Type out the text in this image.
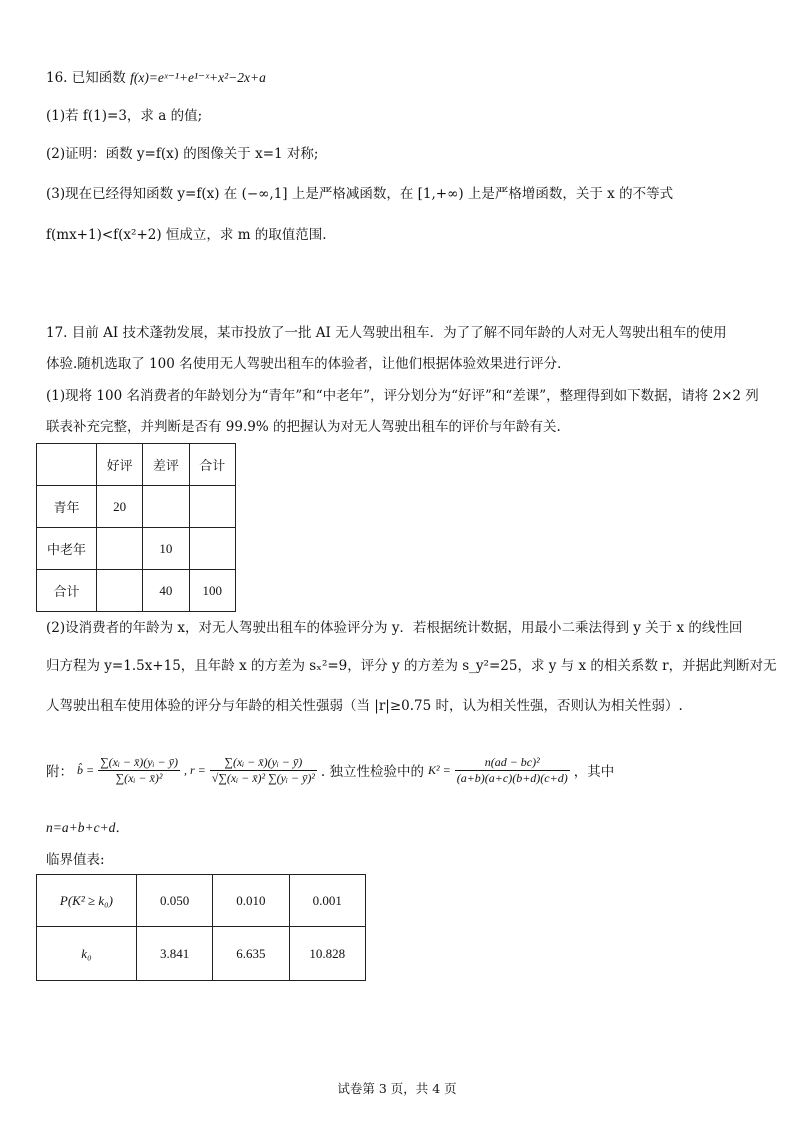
16. 已知函数 f(x)=eˣ⁻¹+e¹⁻ˣ+x²−2x+a
(1)若 f(1)=3，求 a 的值;
(2)证明：函数 y=f(x) 的图像关于 x=1 对称;
(3)现在已经得知函数 y=f(x) 在 (−∞,1] 上是严格减函数，在 [1,+∞) 上是严格增函数，关于 x 的不等式
f(mx+1)<f(x²+2) 恒成立，求 m 的取值范围.
17. 目前 AI 技术蓬勃发展，某市投放了一批 AI 无人驾驶出租车．为了了解不同年龄的人对无人驾驶出租车的使用
体验.随机选取了 100 名使用无人驾驶出租车的体验者，让他们根据体验效果进行评分．
(1)现将 100 名消费者的年龄划分为“青年”和“中老年”，评分划分为“好评”和“差课”，整理得到如下数据，请将 2×2 列
联表补充完整，并判断是否有 99.9% 的把握认为对无人驾驶出租车的评价与年龄有关.
	好评	差评	合计
青年	20		
中老年		10	
合计		40	100
(2)设消费者的年龄为 x，对无人驾驶出租车的体验评分为 y．若根据统计数据，用最小二乘法得到 y 关于 x 的线性回
归方程为 y=1.5x+15，且年龄 x 的方差为 sₓ²=9，评分 y 的方差为 s_y²=25，求 y 与 x 的相关系数 r，并据此判断对无
人驾驶出租车使用体验的评分与年龄的相关性强弱（当 |r|≥0.75 时，认为相关性强，否则认为相关性弱）.
附： b̂ = $\frac{\text{∑(xᵢ − x̄)(yᵢ − ȳ)}}{\text{∑(xᵢ − x̄)²}}$ , $r = \frac{\text{∑(xᵢ − x̄)(yᵢ − ȳ)}}{\text{√∑(xᵢ − x̄)² ∑(yᵢ − ȳ)²}}$ . 独立性检验中的 $K^2 = \frac{\text{n(ad − bc)²}}{(a+b)(a+c)(b+d)(c+d)}$ ，其中
n=a+b+c+d．
临界值表:
P(K² ≥ k₀)	0.050	0.010	0.001
k₀	3.841	6.635	10.828
试卷第 3 页，共 4 页
